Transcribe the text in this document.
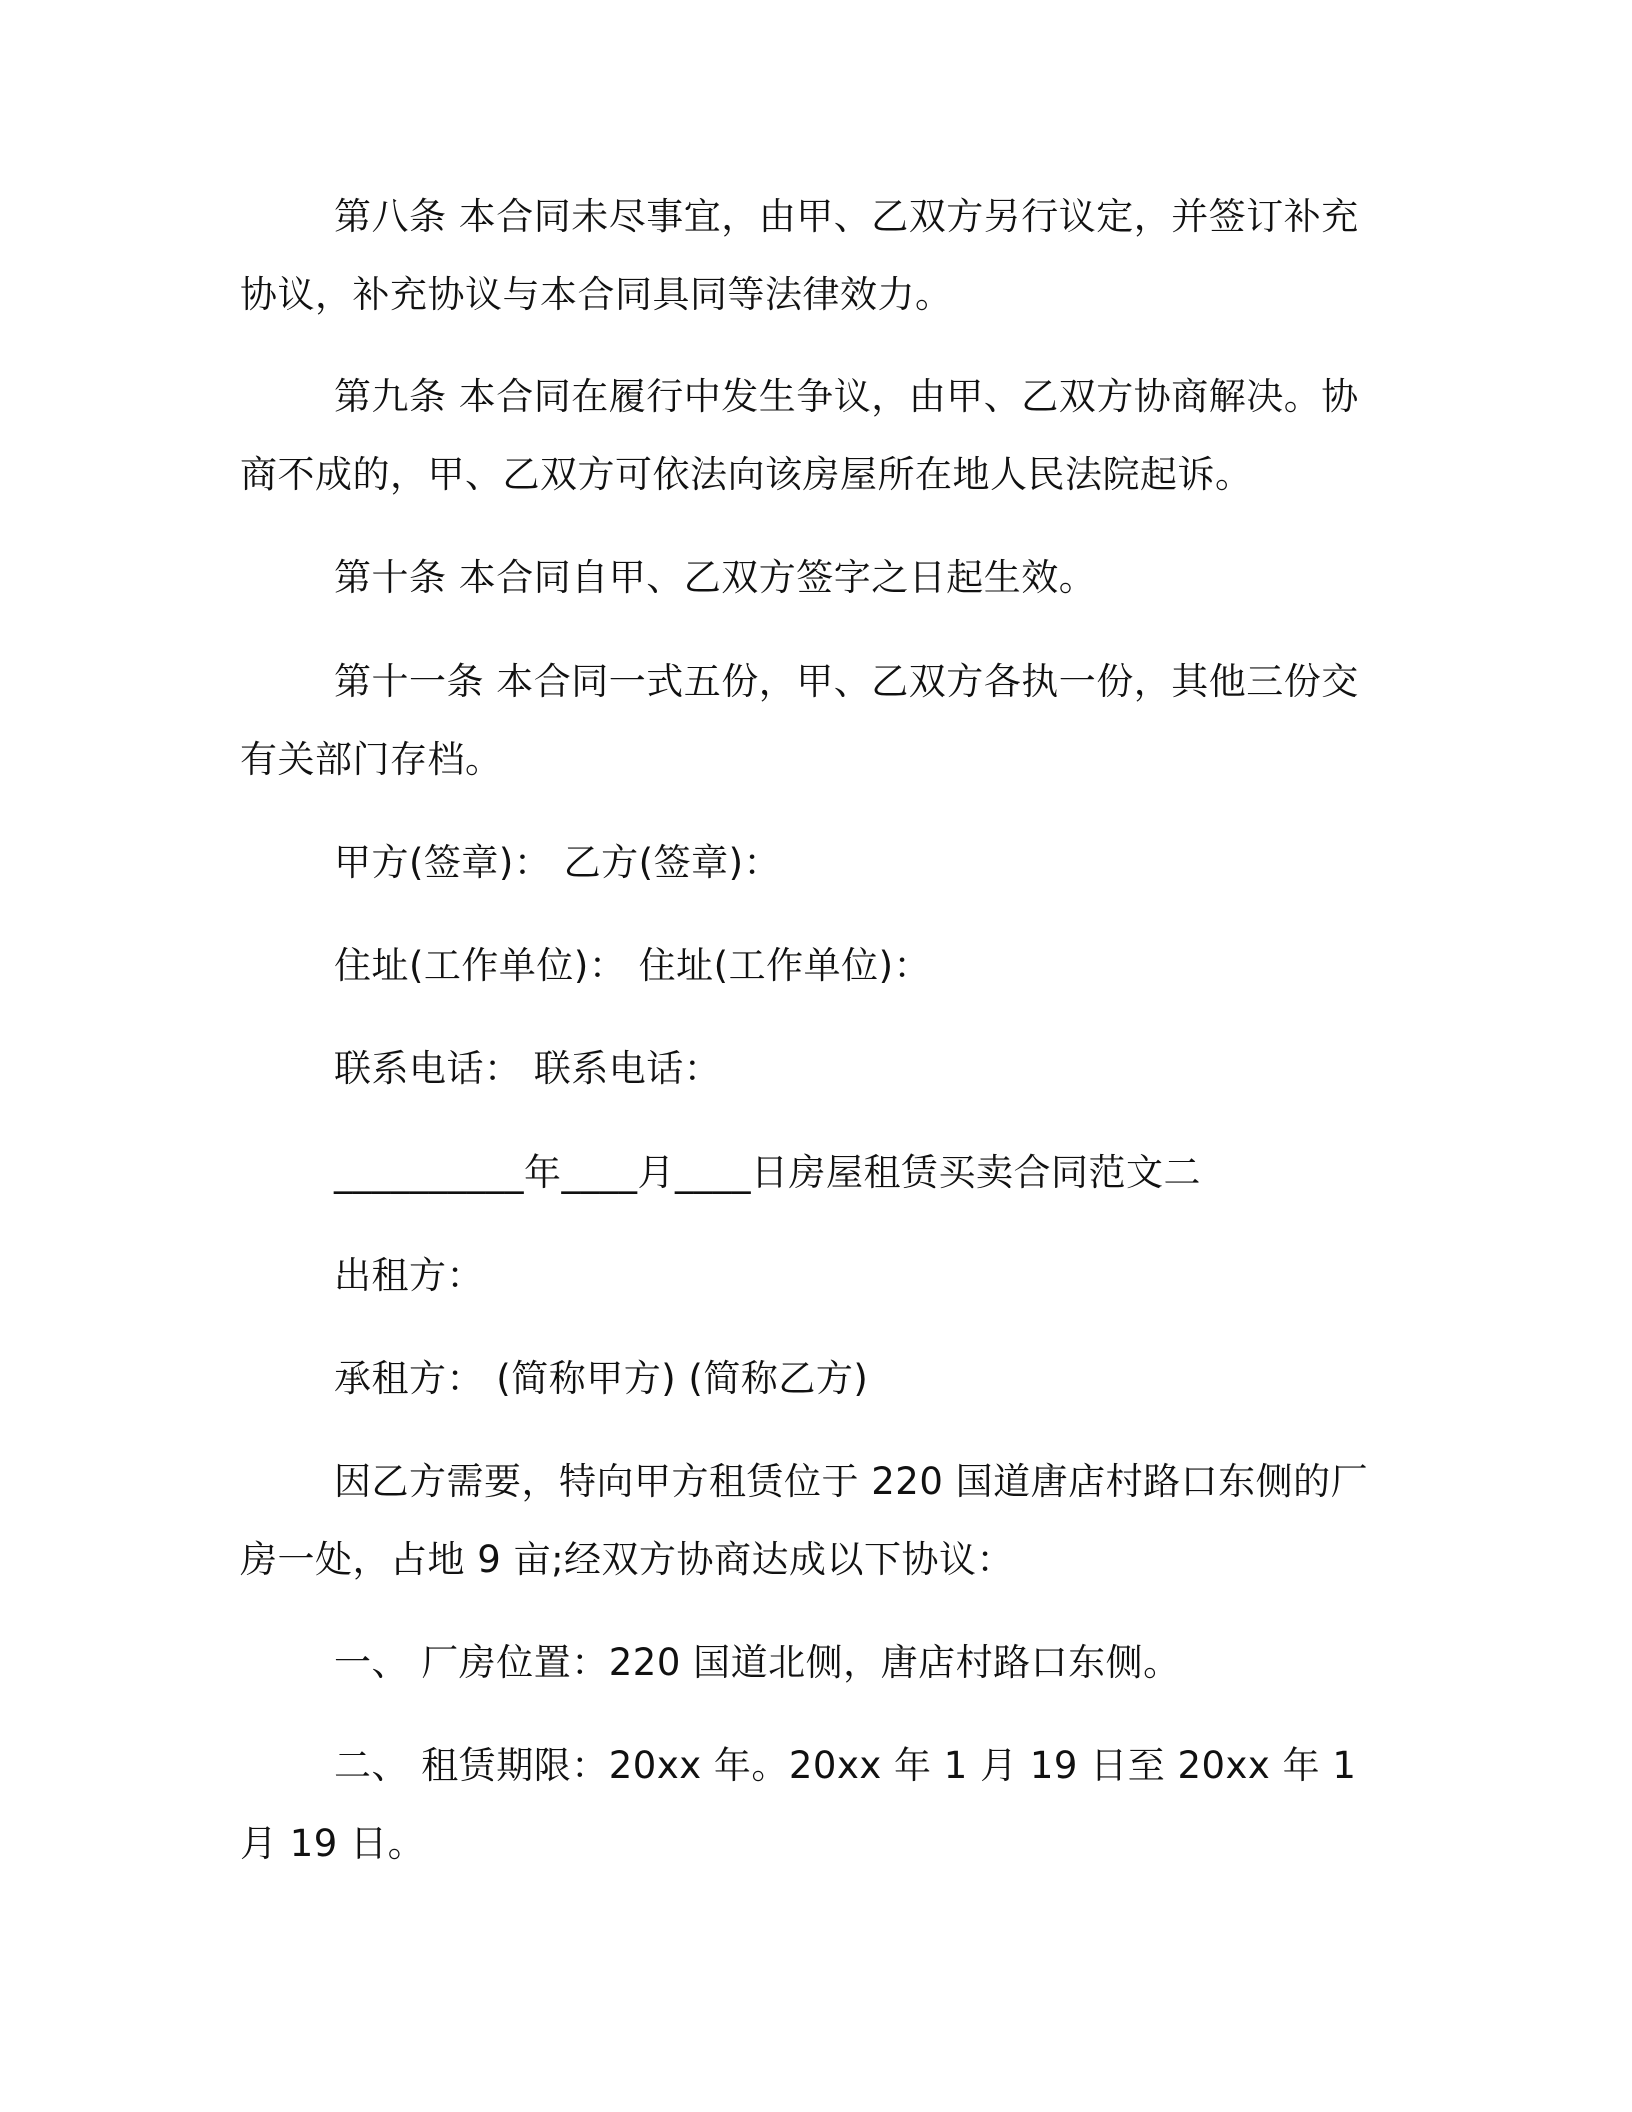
第八条 本合同未尽事宜，由甲、乙双方另行议定，并签订补充协议，补充协议与本合同具同等法律效力。

第九条 本合同在履行中发生争议，由甲、乙双方协商解决。协商不成的，甲、乙双方可依法向该房屋所在地人民法院起诉。

第十条 本合同自甲、乙双方签字之日起生效。

第十一条 本合同一式五份，甲、乙双方各执一份，其他三份交有关部门存档。

甲方(签章)： 乙方(签章)：

住址(工作单位)： 住址(工作单位)：

联系电话： 联系电话：

__________年____月____日房屋租赁买卖合同范文二

出租方：

承租方： (简称甲方) (简称乙方)

因乙方需要，特向甲方租赁位于 220 国道唐店村路口东侧的厂房一处，占地 9 亩;经双方协商达成以下协议：

一、 厂房位置：220 国道北侧，唐店村路口东侧。

二、 租赁期限：20xx 年。20xx 年 1 月 19 日至 20xx 年 1 月 19 日。
